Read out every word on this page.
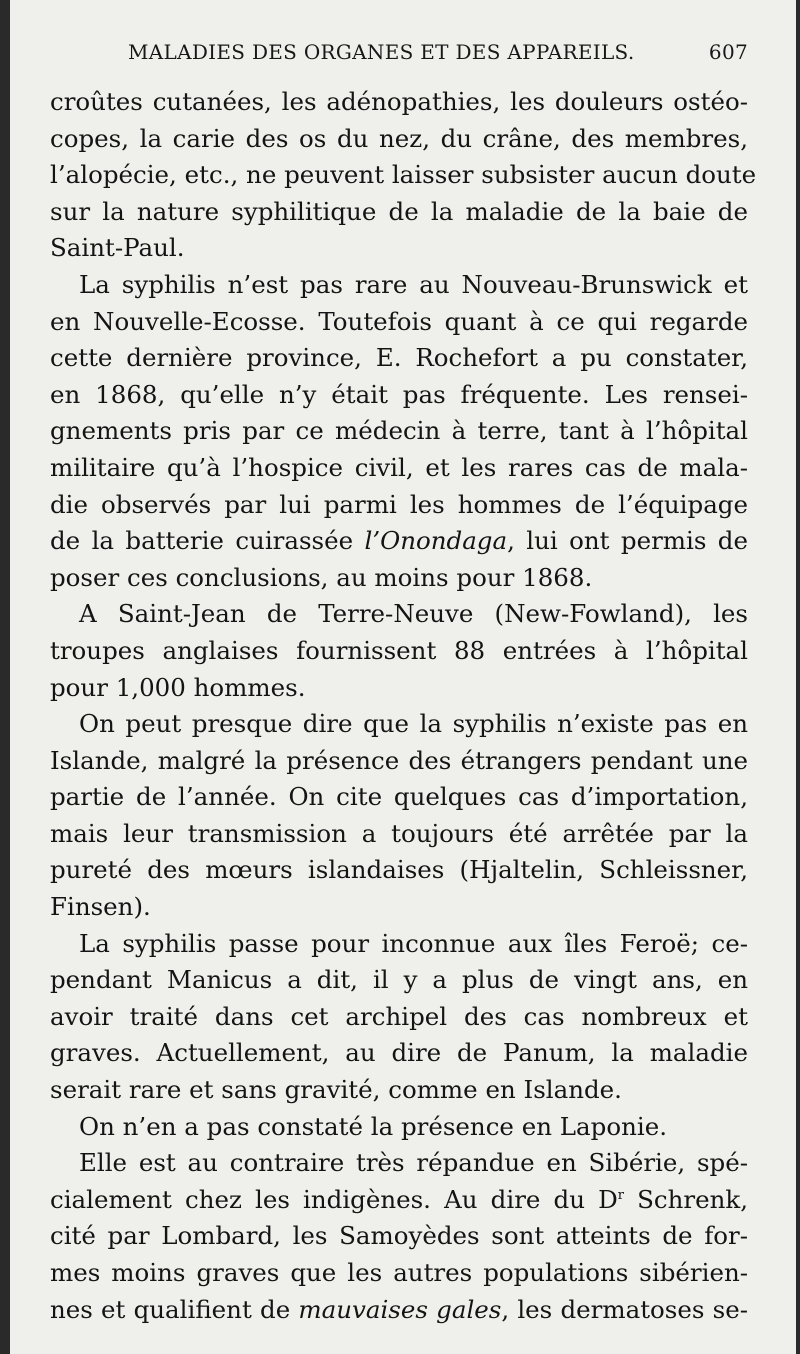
MALADIES DES ORGANES ET DES APPAREILS.	607
croûtes cutanées, les adénopathies, les douleurs ostéo-
copes, la carie des os du nez, du crâne, des membres,
l’alopécie, etc., ne peuvent laisser subsister aucun doute
sur la nature syphilitique de la maladie de la baie de
Saint-Paul.
La syphilis n’est pas rare au Nouveau-Brunswick et
en Nouvelle-Ecosse. Toutefois quant à ce qui regarde
cette dernière province, E. Rochefort a pu constater,
en 1868, qu’elle n’y était pas fréquente. Les rensei-
gnements pris par ce médecin à terre, tant à l’hôpital
militaire qu’à l’hospice civil, et les rares cas de mala-
die observés par lui parmi les hommes de l’équipage
de la batterie cuirassée l’Onondaga, lui ont permis de
poser ces conclusions, au moins pour 1868.
A Saint-Jean de Terre-Neuve (New-Fowland), les
troupes anglaises fournissent 88 entrées à l’hôpital
pour 1,000 hommes.
On peut presque dire que la syphilis n’existe pas en
Islande, malgré la présence des étrangers pendant une
partie de l’année. On cite quelques cas d’importation,
mais leur transmission a toujours été arrêtée par la
pureté des mœurs islandaises (Hjaltelin, Schleissner,
Finsen).
La syphilis passe pour inconnue aux îles Feroë; ce-
pendant Manicus a dit, il y a plus de vingt ans, en
avoir traité dans cet archipel des cas nombreux et
graves. Actuellement, au dire de Panum, la maladie
serait rare et sans gravité, comme en Islande.
On n’en a pas constaté la présence en Laponie.
Elle est au contraire très répandue en Sibérie, spé-
cialement chez les indigènes. Au dire du $D^r$ Schrenk,
cité par Lombard, les Samoyèdes sont atteints de for-
mes moins graves que les autres populations sibérien-
nes et qualifient de mauvaises gales, les dermatoses se-
